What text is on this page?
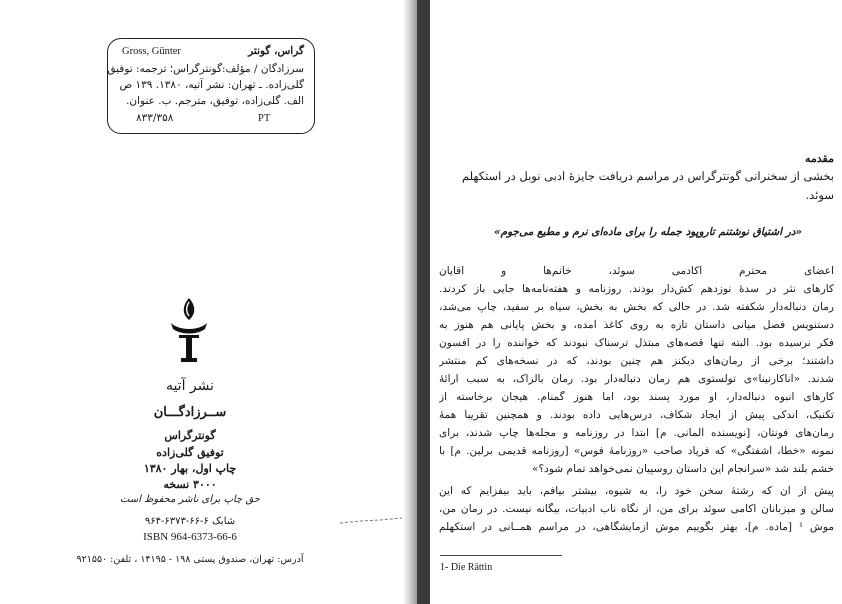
Gross, Günter	گراس، گونتر
سرزادگان / مؤلف:گونترگراس؛ ترجمه: توفیق
گلی‌زاده. ـ تهران: نشر آتیه، ۱۳۸۰. ۱۳۹ ص
الف. گلی‌زاده، توفیق، مترجم. ب. عنوان.
۸۳۳/۳۵۸	PT
نشر آتیه
ســرزادگـــان
گونترگراس
توفیق گلی‌زاده
چاپ اول، بهار ۱۳۸۰
۳۰۰۰ نسخه
حق چاپ برای ناشر محفوظ است
شابک ۶-۶۶-۶۳۷۳-۹۶۴
ISBN 964-6373-66-6
آدرس: تهران، صندوق پستی ۱۹۸ - ۱۴۱۹۵ ، تلفن: ۹۲۱۵۵۰
مقدمه
بخشی از سخنرانی گونترگراس در مراسم دریافت جایزهٔ ادبی نوبل در استکهلم
سوئد.
«در اشتیاق نوشتنم تاروپود جمله را برای ماده‌ای نرم و مطیع می‌جوم»
اعضای محترم آکادمی سوئد، خانم‌ها و آقایان
کارهای نثر در سدهٔ نوزدهم کش‌دار بودند. روزنامه و هفته‌نامه‌ها جایی باز کردند.
رمان دنباله‌دار شکفته شد. در حالی که بخش به بخش، سیاه بر سفید، چاپ می‌شد،
دستنویس فصل میانی داستان تازه به روی کاغذ آمده، و بخش پایانی هم هنوز به
فکر نرسیده بود. البته تنها قصه‌های مبتذل ترسناک نبودند که خواننده را در افسون
داشتند؛ برخی از رمان‌های دیکنز هم چنین بودند، که در نسخه‌های کم منتشر
شدند. «آناکارنینا»ی تولستوی هم رمان دنباله‌دار بود. رمان بالزاک، به سبب ارائهٔ
کارهای انبوه دنباله‌دار، او مورد پسند بود، اما هنوز گمنام. هیجان برخاسته از
تکنیک، اندکی پیش از ایجاد شکاف، درس‌هایی داده بودند. و همچنین تقریباً همهٔ
رمان‌های فونتان، [نویسنده آلمانی. م] ابتدا در روزنامه و مجله‌ها چاپ شدند، برای
نمونه «خطا، آشفتگی» که فریاد صاحب «روزنامهٔ فوس» [روزنامه قدیمی برلین. م] با
خشم بلند شد «سرانجام این داستان روسپیان نمی‌خواهد تمام شود؟»
پیش از آن که رشتهٔ سخن خود را، به شیوه، بیشتر بیافم، باید بیفزایم که این
سالن و میزبانان آکامی سوئد برای من، از نگاه ناب ادبیات، بیگانه نیست. در رمان من،
موش ¹ [ماده. م]، بهتر بگوییم موش آزمایشگاهی، در مراسم همــانی در استکهلم
1- Die Rättin
